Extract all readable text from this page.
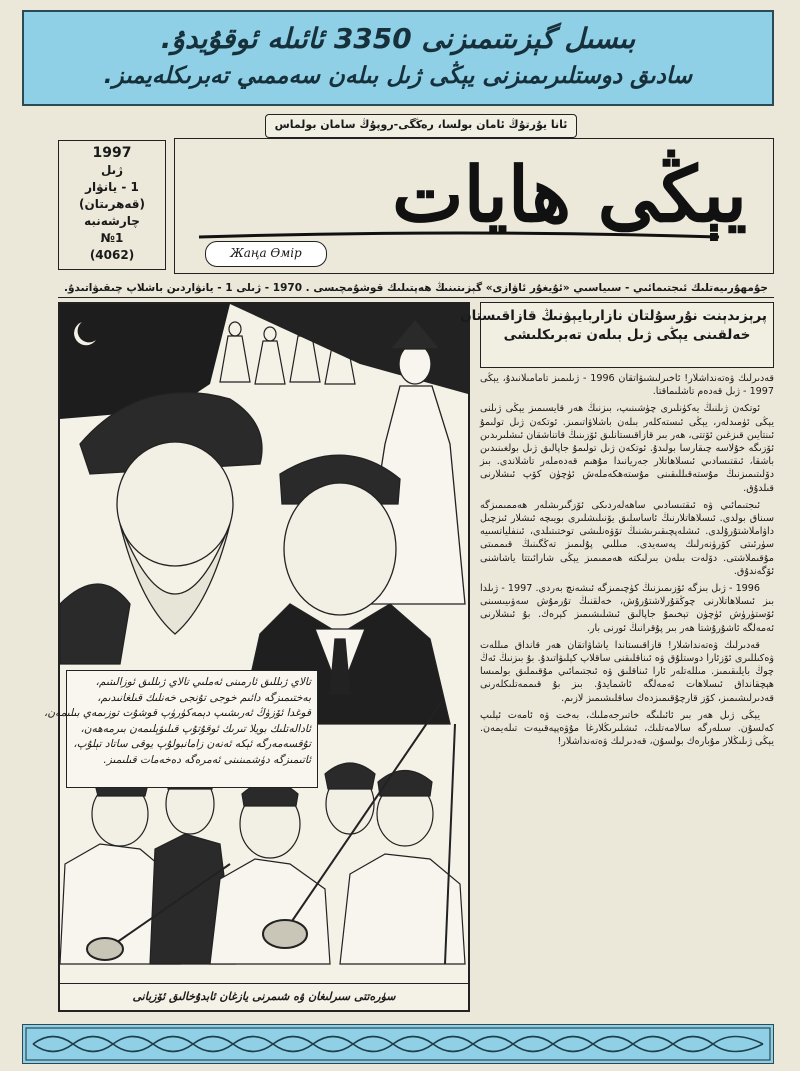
بىسىل گېزىتىمىزنى 3350 ئائىلە ئوقۇيدۇ.
سادىق دوستلىرىمىزنى يېڭى ژىل بىلەن سەممىي تەبرىكلەيمىز.
ئانا يۇرتۇڭ ئامان بولسا، رەڭگى-روپۇڭ سامان بولماس
1997
ژىل
1 - يانۋار
(قەھرىتان)
چارشەنبە
№1
(4062)
يېڭى ھايات
Жаңа Өмір
جۇمھۇرىيەتلىك ئىجتىمائىي - سىياسىي «ئۇيغۇر ئاۋازى» گېزىتىنىڭ ھەپتىلىك قوشۇمچىسى . 1970 - ژىلى 1 - يانۋاردىن باشلاپ چىقىۋاتىدۇ.
تالاي ژىللىق ئارمىنى ئەملىي تالاي ژىللىق ئوزالىتىم،
بەختىمىزگە دائىم خوجى تۇنجى خەنلىك قىلغانىدىم،
قوغدا ئۆزۈڭ ئەرىشىپ دېمەكۈرۈپ قوشۇت توزىمەي بىلىمەن،
ئادالەتلىك بويلا تىرىك ئوقۇتۇپ قىلىۋېلىمەن بىرمەھەن،
تۇقسەمەرگە ئېكە ئەنەن زامانبولۇپ يوقى ساتاد تېلۇپ،
ئاتىمىزگە دۈشمىنىنى ئەمرەگە دەخەمات قىلىمىز.
سۈرەتتى سىرلىغان ۋە شىمرنى يازغان ئابدۇخالىق ئۆزبانى
پرېزىدېنت نۇرسۇلتان نازاربايېۋنىڭ قازاقىستان
خەلقىنى يېڭى ژىل بىلەن تەبرىكلىشى

قەدىرلىك ۋەتەنداشلار! ئاخىرلىشىۋاتقان 1996 - ژىلىمىز تامامىلانىدۇ، يېڭى 1997 - ژىل قەدەم تاشلىماقتا.

ئوتكەن ژىلنىڭ يەكۈنلىرى چۈشىنىپ، بىزنىڭ ھەر قايسىمىز يېڭى ژىلنى يېڭى ئۈمىدلەر، يېڭى ئىستەكلەر بىلەن باشلاۋاتىمىز. ئوتكەن ژىل تولىمۇ ئىنتايىن قىزغىن ئۆتتى، ھەر بىر قازاقىستانلىق ئۆزىنىڭ قاتناشقان ئىشلىرىدىن ئۆزىگە خۇلاسە چىقارسا بولىدۇ. ئوتكەن ژىل تولىمۇ جاپالىق ژىل بولغىنىدىن باشقا، ئىقتىسادىي ئىسلاھاتلار جەريانىدا مۇھىم قەدەملەر تاشلاندى. بىز دۆلىتىمىزنىڭ مۇستەقىللىقىنى مۇستەھكەملەش ئۈچۈن كۆپ ئىشلارنى قىلدۇق.

ئىجتىمائىي ۋە ئىقتىسادىي ساھەلەردىكى ئۆزگىرىشلەر ھەممىمىزگە سىناق بولدى. ئىسلاھاتلارنىڭ ئاساسلىق يۆنىلىشلىرى بويىچە ئىشلار ئىزچىل داۋاملاشتۇرۇلدى. ئىشلەپچىقىرىشنىڭ تۆۋەنلىشى توختىتىلدى، ئىنفلياتسىيە سۈرئىتى كۆرۈنەرلىك پەسەيدى. مىللىي پۇلىمىز تەڭگىنىڭ قىممىتى مۇقىملاشتى. دۆلەت بىلەن بىرلىكتە ھەممىمىز يېڭى شارائىتتا ياشاشنى ئۆگەندۇق.

1996 - ژىل بىزگە ئۆزىمىزنىڭ كۈچىمىزگە ئىشەنچ بەردى. 1997 - ژىلدا بىز ئىسلاھاتلارنى چوڭقۇرلاشتۇرۇش، خەلقنىڭ تۇرمۇش سەۋىيىسىنى ئۆستۈرۈش ئۈچۈن تېخىمۇ جاپالىق ئىشلىشىمىز كېرەك. بۇ ئىشلارنى ئەمەلگە ئاشۇرۇشتا ھەر بىر پۇقرانىڭ ئورنى بار.

قەدىرلىك ۋەتەنداشلار! قازاقىستاندا ياشاۋاتقان ھەر قانداق مىللەت ۋەكىللىرى ئۆزئارا دوستلۇق ۋە ئىناقلىقنى ساقلاپ كېلىۋاتىدۇ. بۇ بىزنىڭ ئەڭ چوڭ بايلىقىمىز. مىللەتلەر ئارا ئىناقلىق ۋە ئىجتىمائىي مۇقىملىق بولمىسا ھېچقانداق ئىسلاھات ئەمەلگە ئاشمايدۇ. بىز بۇ قىممەتلىكلەرنى قەدىرلىشىمىز، كۆز قارچۇقىمىزدەك ساقلىشىمىز لازىم.

يېڭى ژىل ھەر بىر ئائىلىگە خاتىرجەملىك، بەخت ۋە ئامەت ئېلىپ كەلسۇن. سىلەرگە سالامەتلىك، ئىشلىرىڭلارغا مۇۋەپپەقىيەت تىلەيمەن. يېڭى ژىلىڭلار مۇبارەك بولسۇن، قەدىرلىك ۋەتەنداشلار!
